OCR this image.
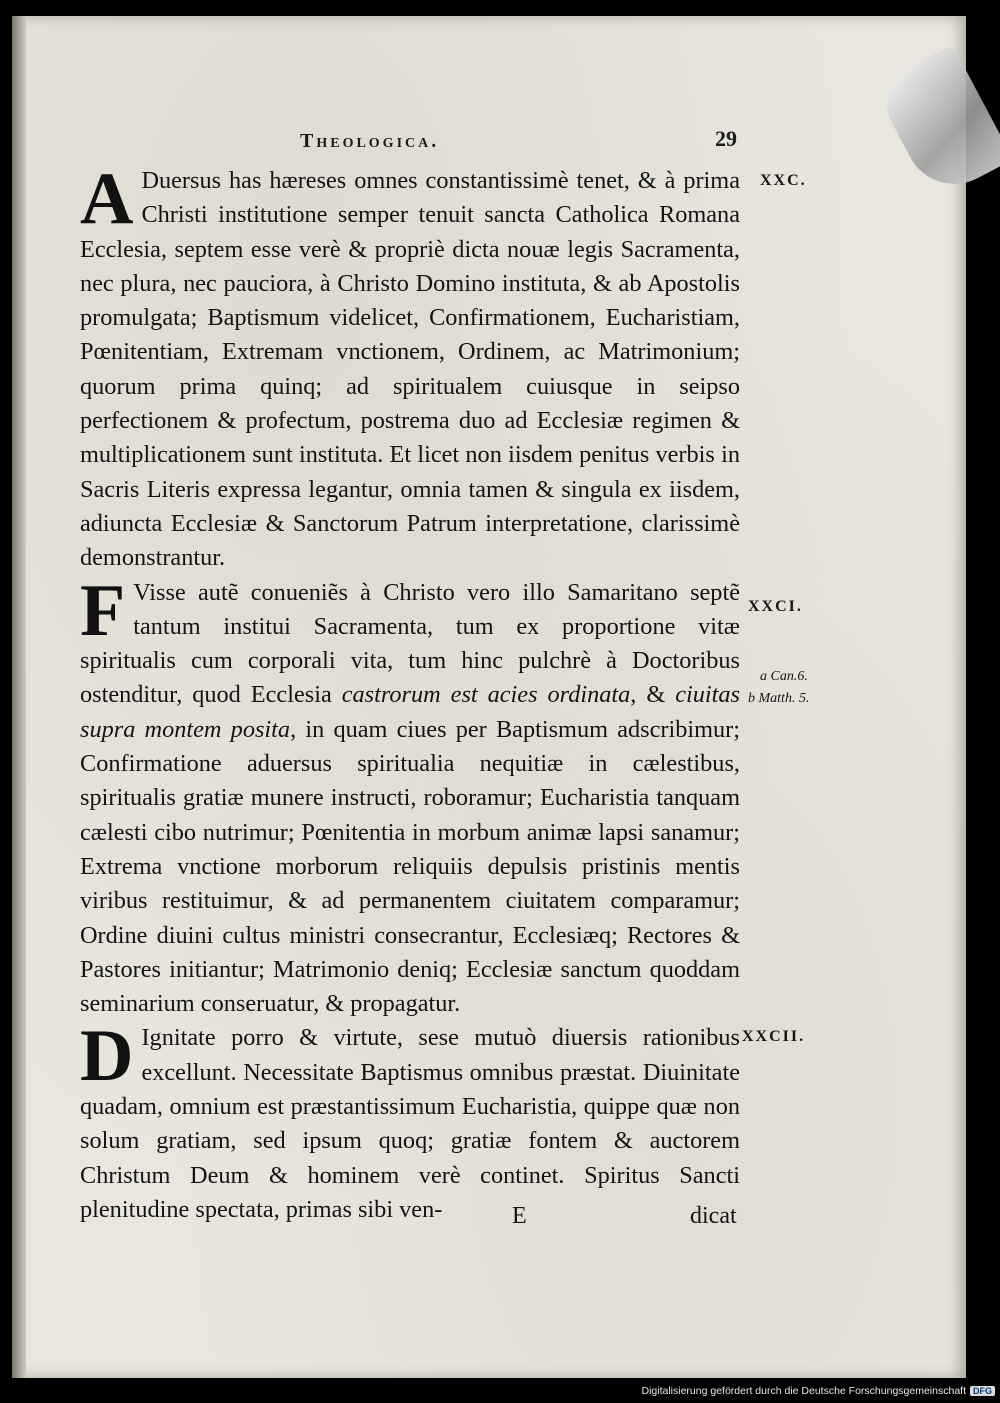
Theologica.	29

A Duersus has hæreses omnes constantissimè tenet, & à prima Christi institutione semper tenuit sancta Catholica Romana Ecclesia, septem esse verè & propriè dicta nouæ legis Sacramenta, nec plura, nec pauciora, à Christo Domino instituta, & ab Apostolis promulgata; Baptismum videlicet, Confirmationem, Eucharistiam, Pœnitentiam, Extremam vnctionem, Ordinem, ac Matrimonium; quorum prima quinq; ad spiritualem cuiusque in seipso perfectionem & profectum, postrema duo ad Ecclesiæ regimen & multiplicationem sunt instituta. Et licet non iisdem penitus verbis in Sacris Literis expressa legantur, omnia tamen & singula ex iisdem, adiuncta Ecclesiæ & Sanctorum Patrum interpretatione, clarissimè demonstrantur.

F Visse autẽ conueniẽs à Christo vero illo Samaritano septẽ tantum institui Sacramenta, tum ex proportione vitæ spiritualis cum corporali vita, tum hinc pulchrè à Doctoribus ostenditur, quod Ecclesia castrorum est acies ordinata, & ciuitas supra montem posita, in quam ciues per Baptismum adscribimur; Confirmatione aduersus spiritualia nequitiæ in cælestibus, spiritualis gratiæ munere instructi, roboramur; Eucharistia tanquam cælesti cibo nutrimur; Pœnitentia in morbum animæ lapsi sanamur; Extrema vnctione morborum reliquiis depulsis pristinis mentis viribus restituimur, & ad permanentem ciuitatem comparamur; Ordine diuini cultus ministri consecrantur, Ecclesiæq; Rectores & Pastores initiantur; Matrimonio deniq; Ecclesiæ sanctum quoddam seminarium conseruatur, & propagatur.

D Ignitate porro & virtute, sese mutuò diuersis rationibus excellunt. Necessitate Baptismus omnibus præstat. Diuinitate quadam, omnium est præstantissimum Eucharistia, quippe quæ non solum gratiam, sed ipsum quoq; gratiæ fontem & auctorem Christum Deum & hominem verè continet. Spiritus Sancti plenitudine spectata, primas sibi ven-

XXC.
XXCI.
XXCII.
a Can.6.
b Matth. 5.
E	dicat
Digitalisierung gefördert durch die Deutsche Forschungsgemeinschaft DFG
